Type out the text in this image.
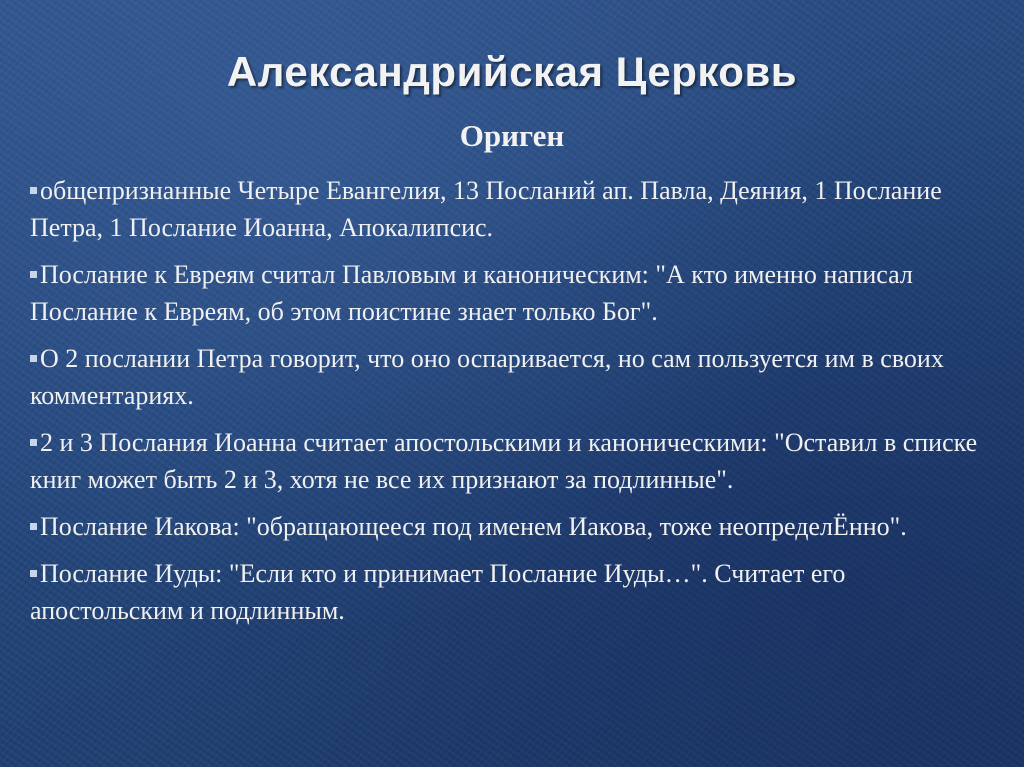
Александрийская Церковь
Ориген
общепризнанные Четыре Евангелия, 13 Посланий ап. Павла, Деяния, 1 Послание Петра, 1 Послание Иоанна, Апокалипсис.
Послание к Евреям считал Павловым и каноническим: "А кто именно написал Послание к Евреям, об этом поистине знает только Бог".
О 2 послании Петра говорит, что оно оспаривается, но сам пользуется им в своих комментариях.
2 и 3 Послания Иоанна считает апостольскими и каноническими: "Оставил в списке книг может быть 2 и 3, хотя не все их признают за подлинные".
Послание Иакова: "обращающееся под именем Иакова, тоже неопределЁнно".
Послание Иуды: "Если кто и принимает Послание Иуды…". Считает его апостольским и подлинным.
